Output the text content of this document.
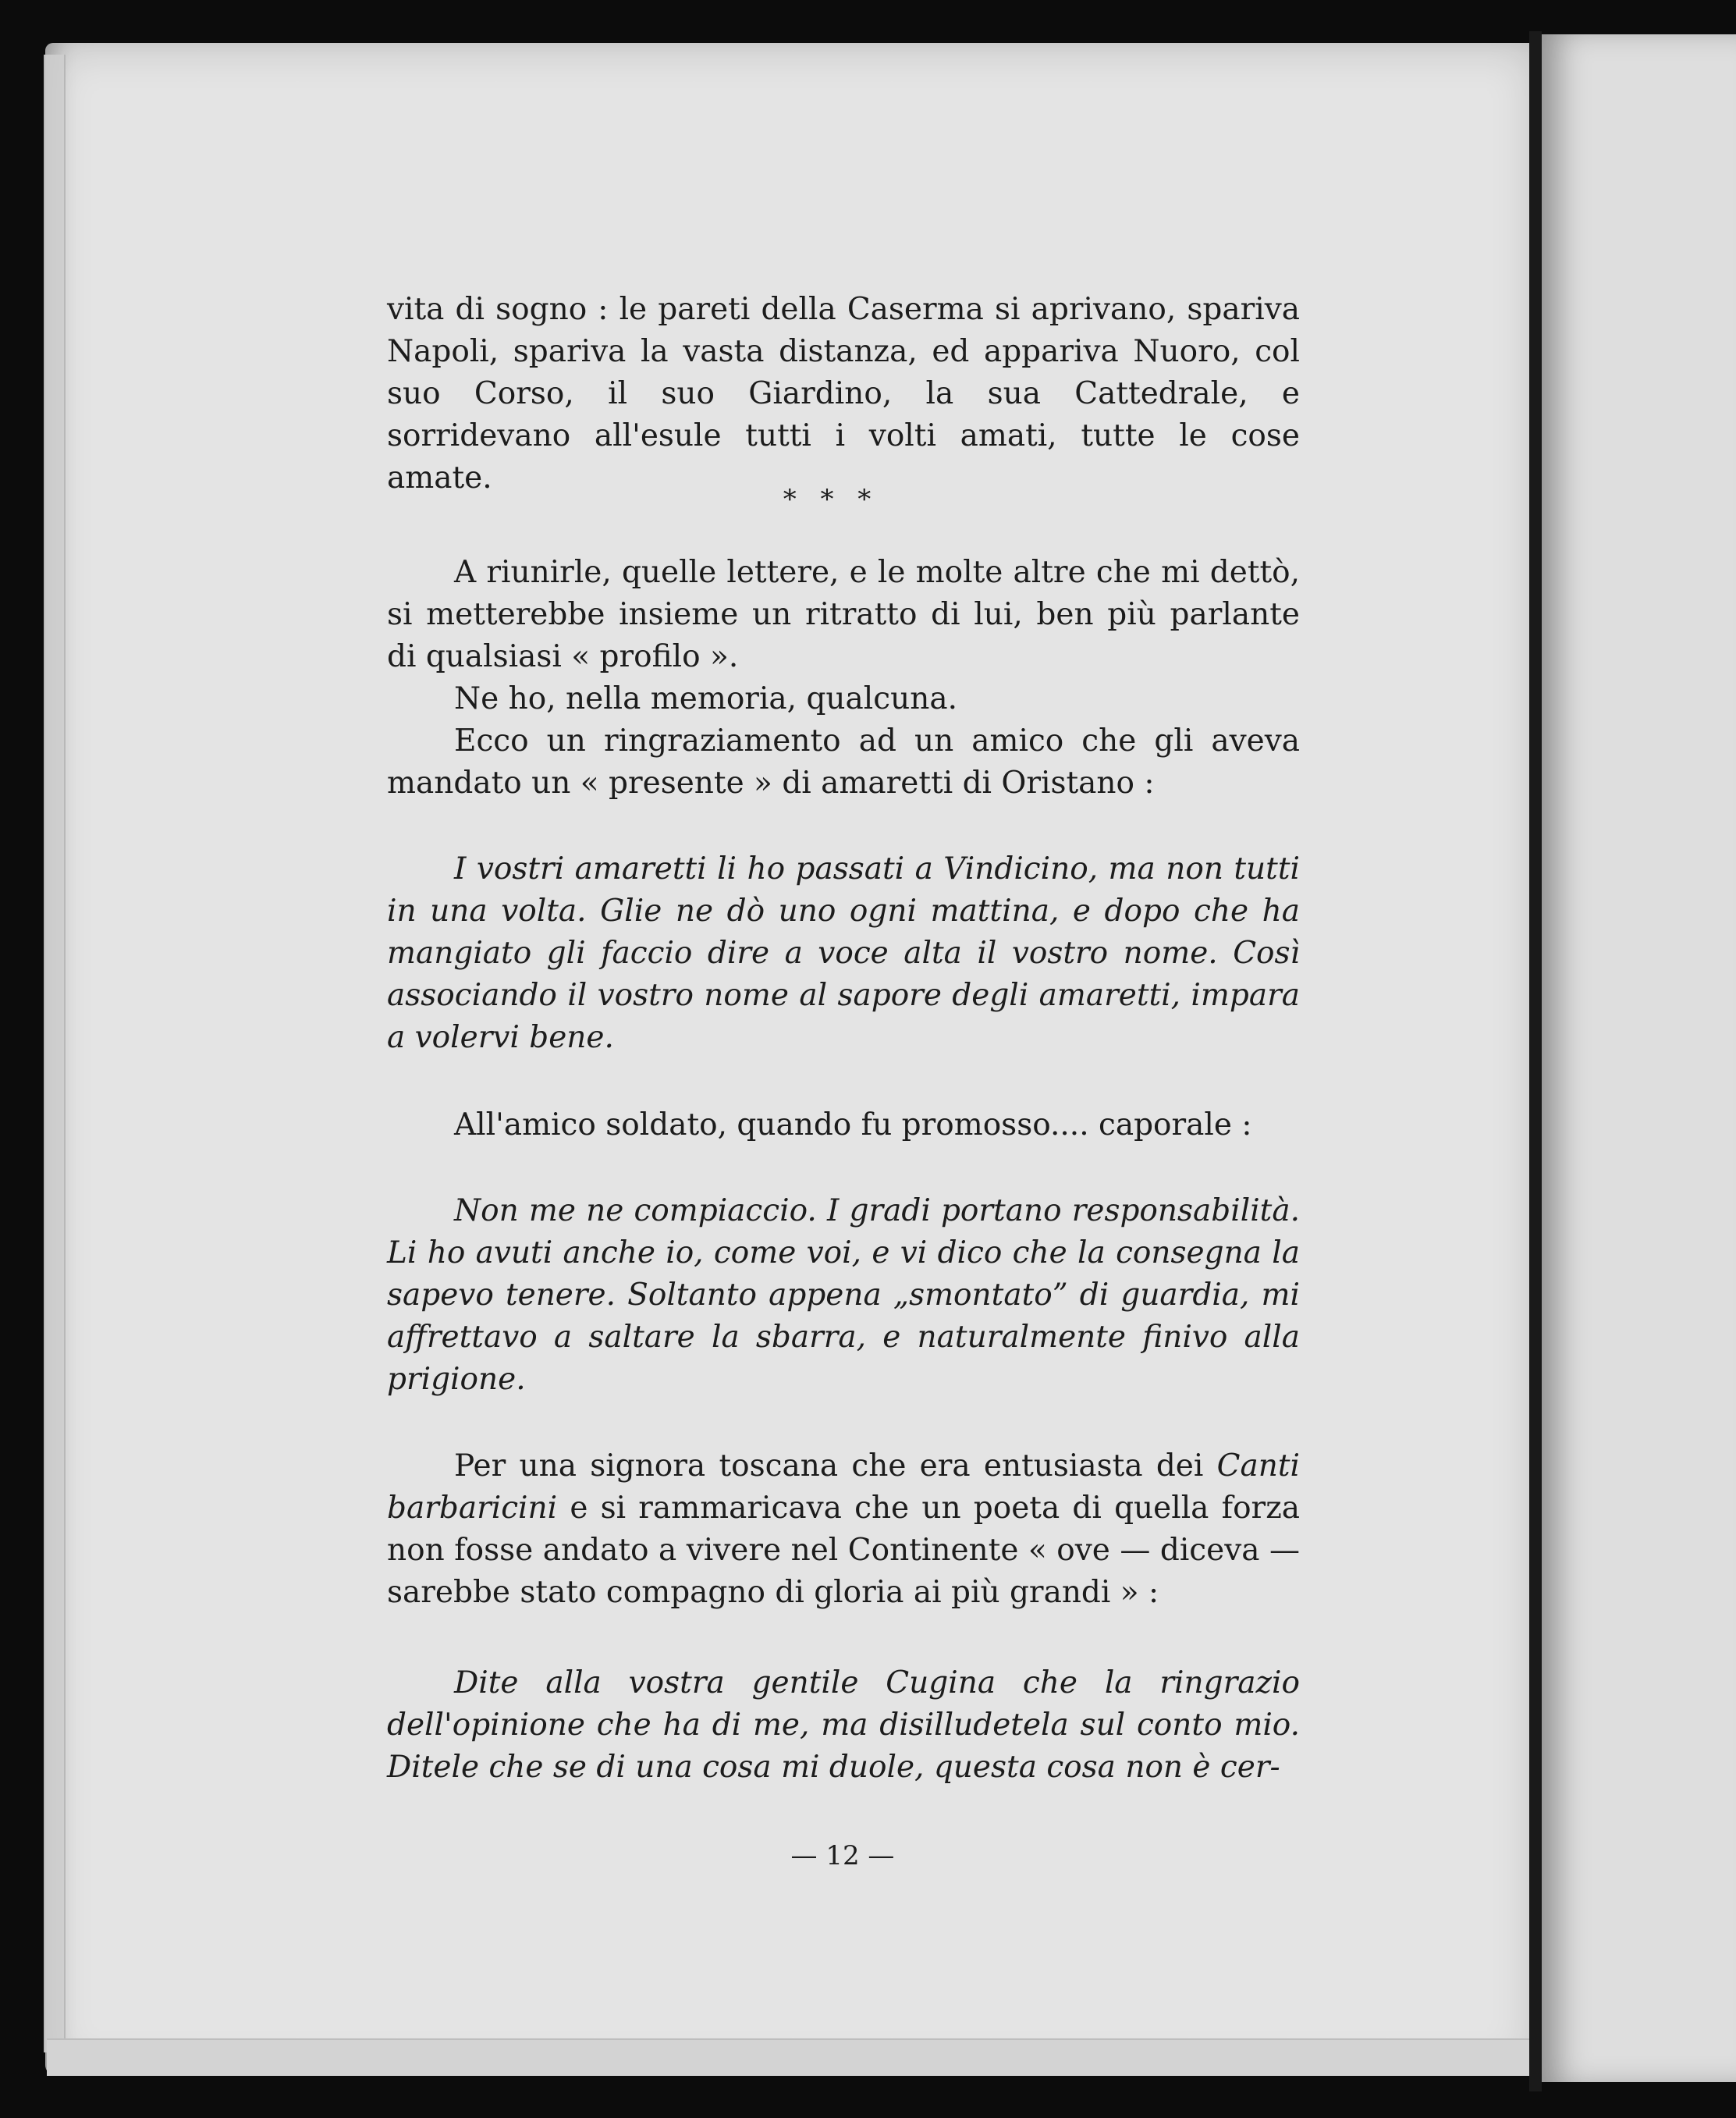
vita di sogno : le pareti della Caserma si aprivano, spariva Napoli, spariva la vasta distanza, ed appariva Nuoro, col suo Corso, il suo Giardino, la sua Cattedrale, e sorridevano all'esule tutti i volti amati, tutte le cose amate.

* * *

A riunirle, quelle lettere, e le molte altre che mi dettò, si metterebbe insieme un ritratto di lui, ben più parlante di qualsiasi « profilo ».

Ne ho, nella memoria, qualcuna.

Ecco un ringraziamento ad un amico che gli aveva mandato un « presente » di amaretti di Oristano :

I vostri amaretti li ho passati a Vindicino, ma non tutti in una volta. Glie ne dò uno ogni mattina, e dopo che ha mangiato gli faccio dire a voce alta il vostro nome. Così associando il vostro nome al sapore degli amaretti, impara a volervi bene.

All'amico soldato, quando fu promosso.... caporale :

Non me ne compiaccio. I gradi portano responsabilità. Li ho avuti anche io, come voi, e vi dico che la consegna la sapevo tenere. Soltanto appena „smontato” di guardia, mi affrettavo a saltare la sbarra, e naturalmente finivo alla prigione.

Per una signora toscana che era entusiasta dei Canti barbaricini e si rammaricava che un poeta di quella forza non fosse andato a vivere nel Continente « ove — diceva — sarebbe stato compagno di gloria ai più grandi » :

Dite alla vostra gentile Cugina che la ringrazio dell'opinione che ha di me, ma disilludetela sul conto mio. Ditele che se di una cosa mi duole, questa cosa non è cer-

— 12 —
